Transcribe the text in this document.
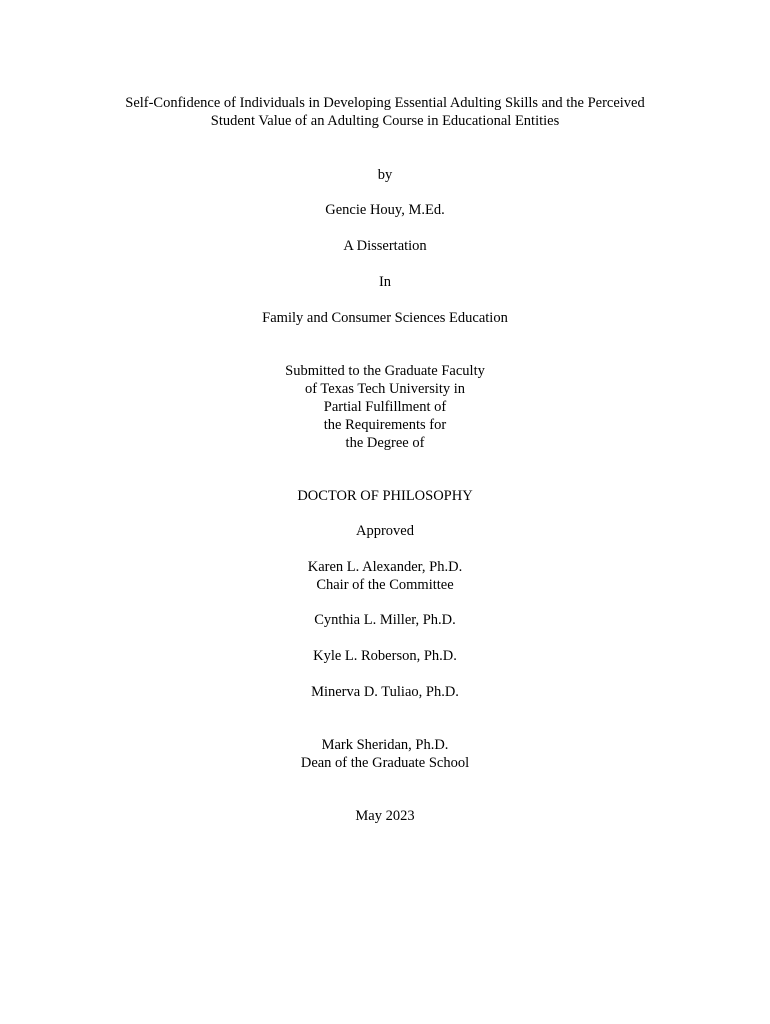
Self-Confidence of Individuals in Developing Essential Adulting Skills and the Perceived
Student Value of an Adulting Course in Educational Entities
by
Gencie Houy, M.Ed.
A Dissertation
In
Family and Consumer Sciences Education
Submitted to the Graduate Faculty
of Texas Tech University in
Partial Fulfillment of
the Requirements for
the Degree of
DOCTOR OF PHILOSOPHY
Approved
Karen L. Alexander, Ph.D.
Chair of the Committee
Cynthia L. Miller, Ph.D.
Kyle L. Roberson, Ph.D.
Minerva D. Tuliao, Ph.D.
Mark Sheridan, Ph.D.
Dean of the Graduate School
May 2023
